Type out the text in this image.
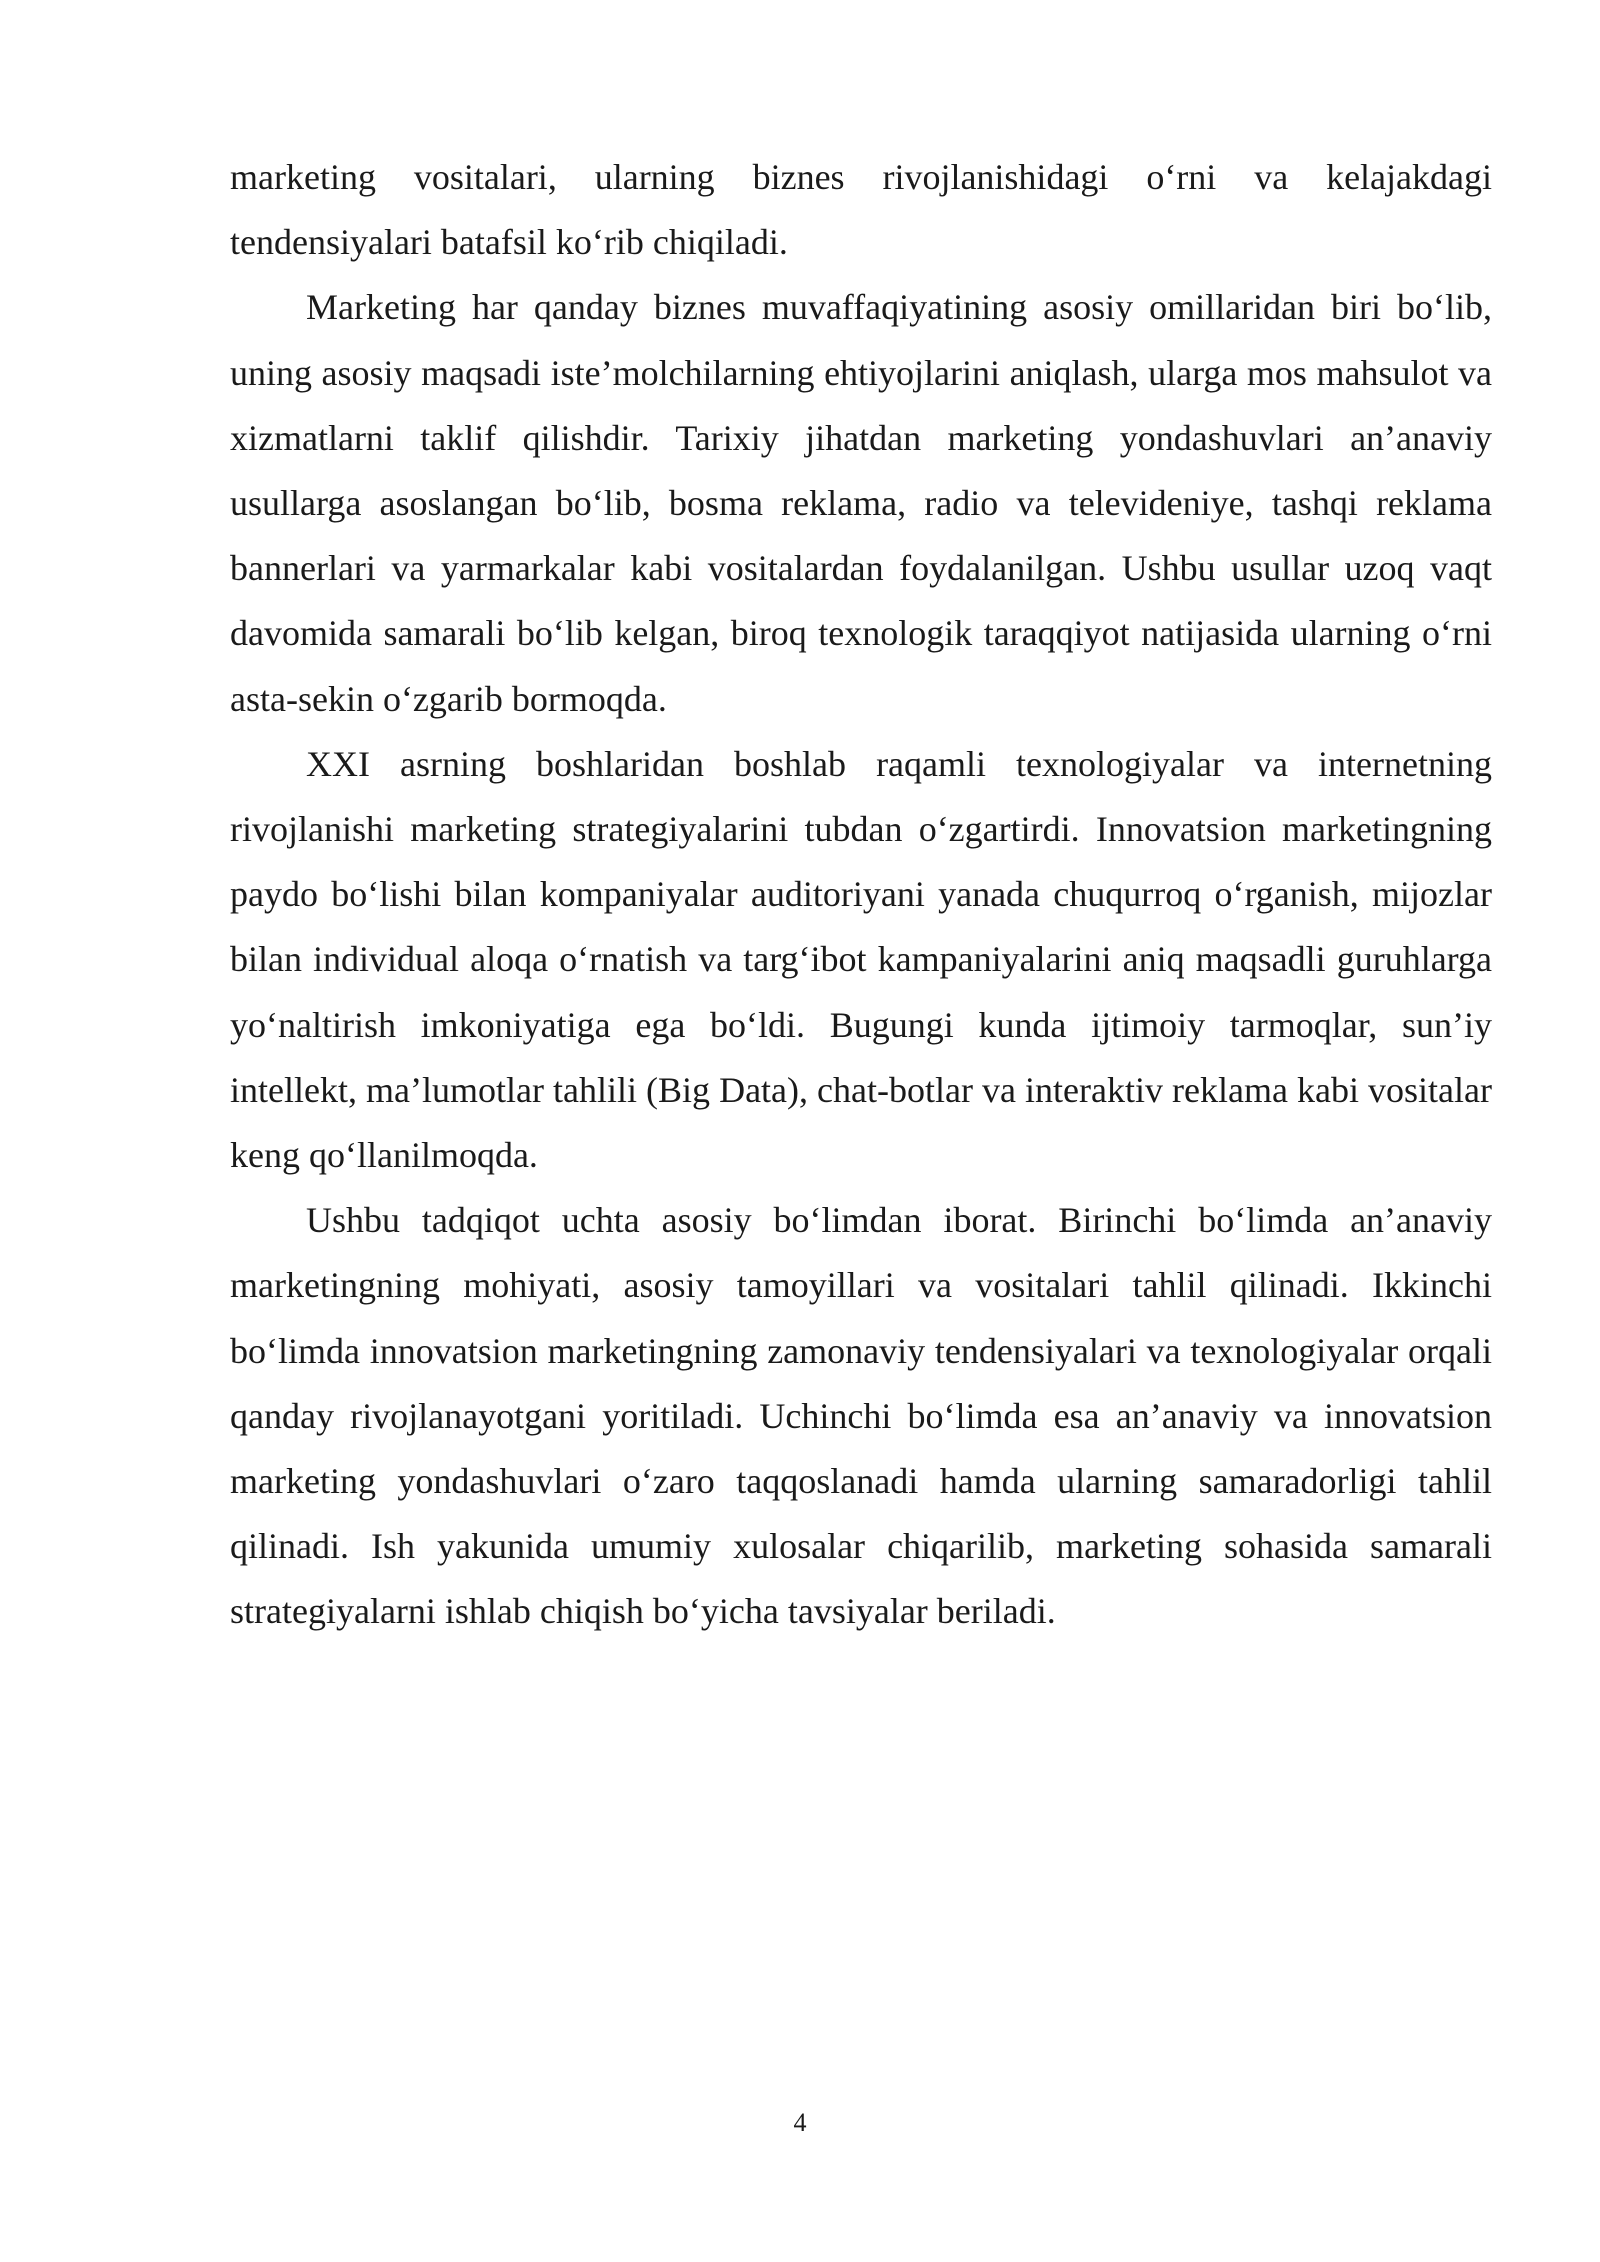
marketing vositalari, ularning biznes rivojlanishidagi o‘rni va kelajakdagi tendensiyalari batafsil ko‘rib chiqiladi.

Marketing har qanday biznes muvaffaqiyatining asosiy omillaridan biri bo‘lib, uning asosiy maqsadi iste’molchilarning ehtiyojlarini aniqlash, ularga mos mahsulot va xizmatlarni taklif qilishdir. Tarixiy jihatdan marketing yondashuvlari an’anaviy usullarga asoslangan bo‘lib, bosma reklama, radio va televideniye, tashqi reklama bannerlari va yarmarkalar kabi vositalardan foydalanilgan. Ushbu usullar uzoq vaqt davomida samarali bo‘lib kelgan, biroq texnologik taraqqiyot natijasida ularning o‘rni asta-sekin o‘zgarib bormoqda.

XXI asrning boshlaridan boshlab raqamli texnologiyalar va internetning rivojlanishi marketing strategiyalarini tubdan o‘zgartirdi. Innovatsion marketingning paydo bo‘lishi bilan kompaniyalar auditoriyani yanada chuqurroq o‘rganish, mijozlar bilan individual aloqa o‘rnatish va targ‘ibot kampaniyalarini aniq maqsadli guruhlarga yo‘naltirish imkoniyatiga ega bo‘ldi. Bugungi kunda ijtimoiy tarmoqlar, sun’iy intellekt, ma’lumotlar tahlili (Big Data), chat-botlar va interaktiv reklama kabi vositalar keng qo‘llanilmoqda.

Ushbu tadqiqot uchta asosiy bo‘limdan iborat. Birinchi bo‘limda an’anaviy marketingning mohiyati, asosiy tamoyillari va vositalari tahlil qilinadi. Ikkinchi bo‘limda innovatsion marketingning zamonaviy tendensiyalari va texnologiyalar orqali qanday rivojlanayotgani yoritiladi. Uchinchi bo‘limda esa an’anaviy va innovatsion marketing yondashuvlari o‘zaro taqqoslanadi hamda ularning samaradorligi tahlil qilinadi. Ish yakunida umumiy xulosalar chiqarilib, marketing sohasida samarali strategiyalarni ishlab chiqish bo‘yicha tavsiyalar beriladi.

4
